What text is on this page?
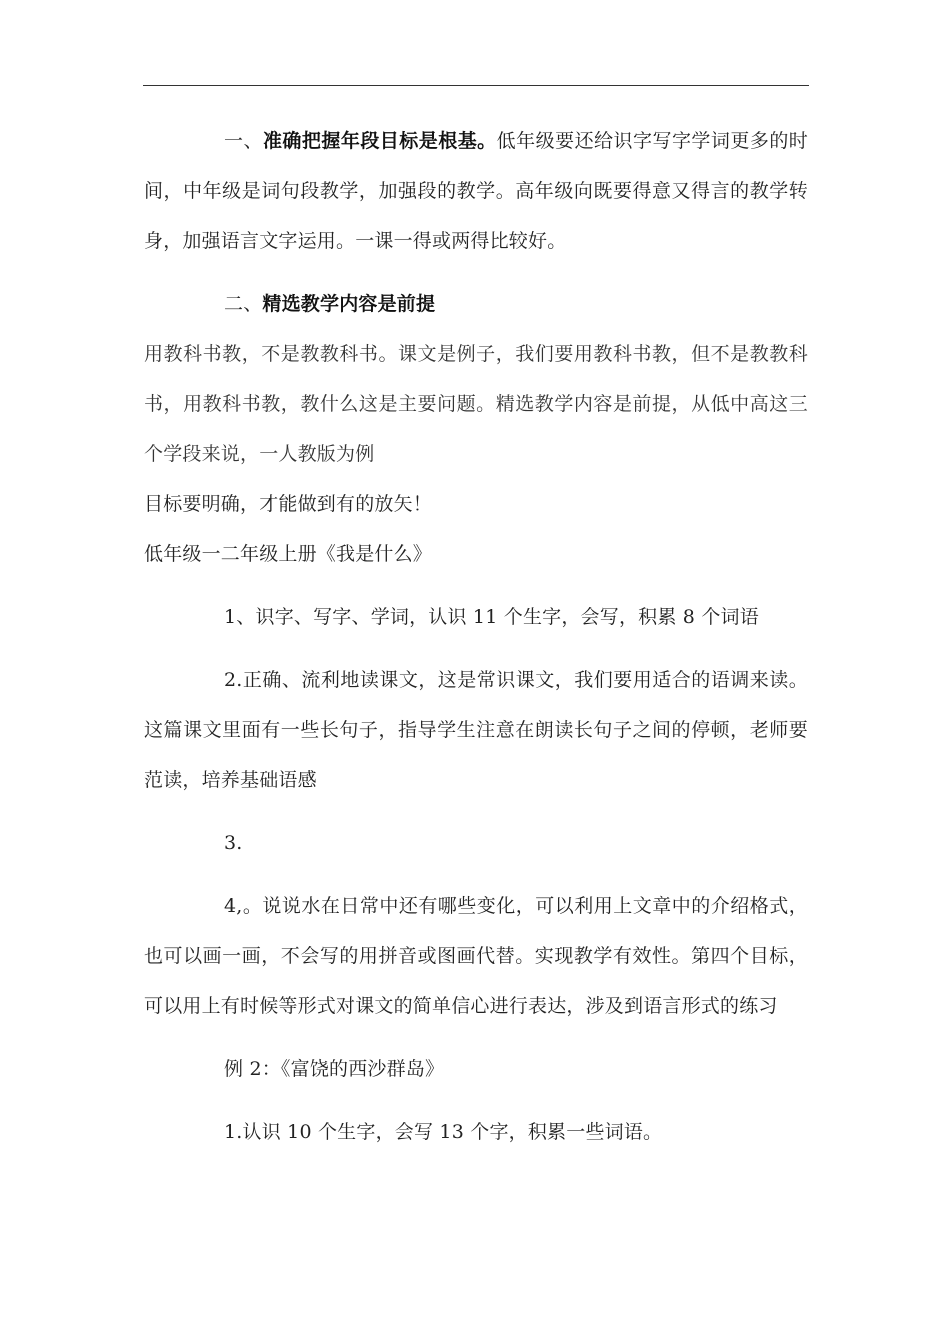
一、准确把握年段目标是根基。低年级要还给识字写字学词更多的时间，中年级是词句段教学，加强段的教学。高年级向既要得意又得言的教学转身，加强语言文字运用。一课一得或两得比较好。

二、精选教学内容是前提

用教科书教，不是教教科书。课文是例子，我们要用教科书教，但不是教教科书，用教科书教，教什么这是主要问题。精选教学内容是前提，从低中高这三个学段来说，一人教版为例

目标要明确，才能做到有的放矢！

低年级一二年级上册《我是什么》

1、识字、写字、学词，认识 11 个生字，会写，积累 8 个词语

2.正确、流利地读课文，这是常识课文，我们要用适合的语调来读。这篇课文里面有一些长句子，指导学生注意在朗读长句子之间的停顿，老师要范读，培养基础语感

3.

4,。说说水在日常中还有哪些变化，可以利用上文章中的介绍格式，也可以画一画，不会写的用拼音或图画代替。实现教学有效性。第四个目标，可以用上有时候等形式对课文的简单信心进行表达，涉及到语言形式的练习

例 2：《富饶的西沙群岛》

1.认识 10 个生字，会写 13 个字，积累一些词语。
